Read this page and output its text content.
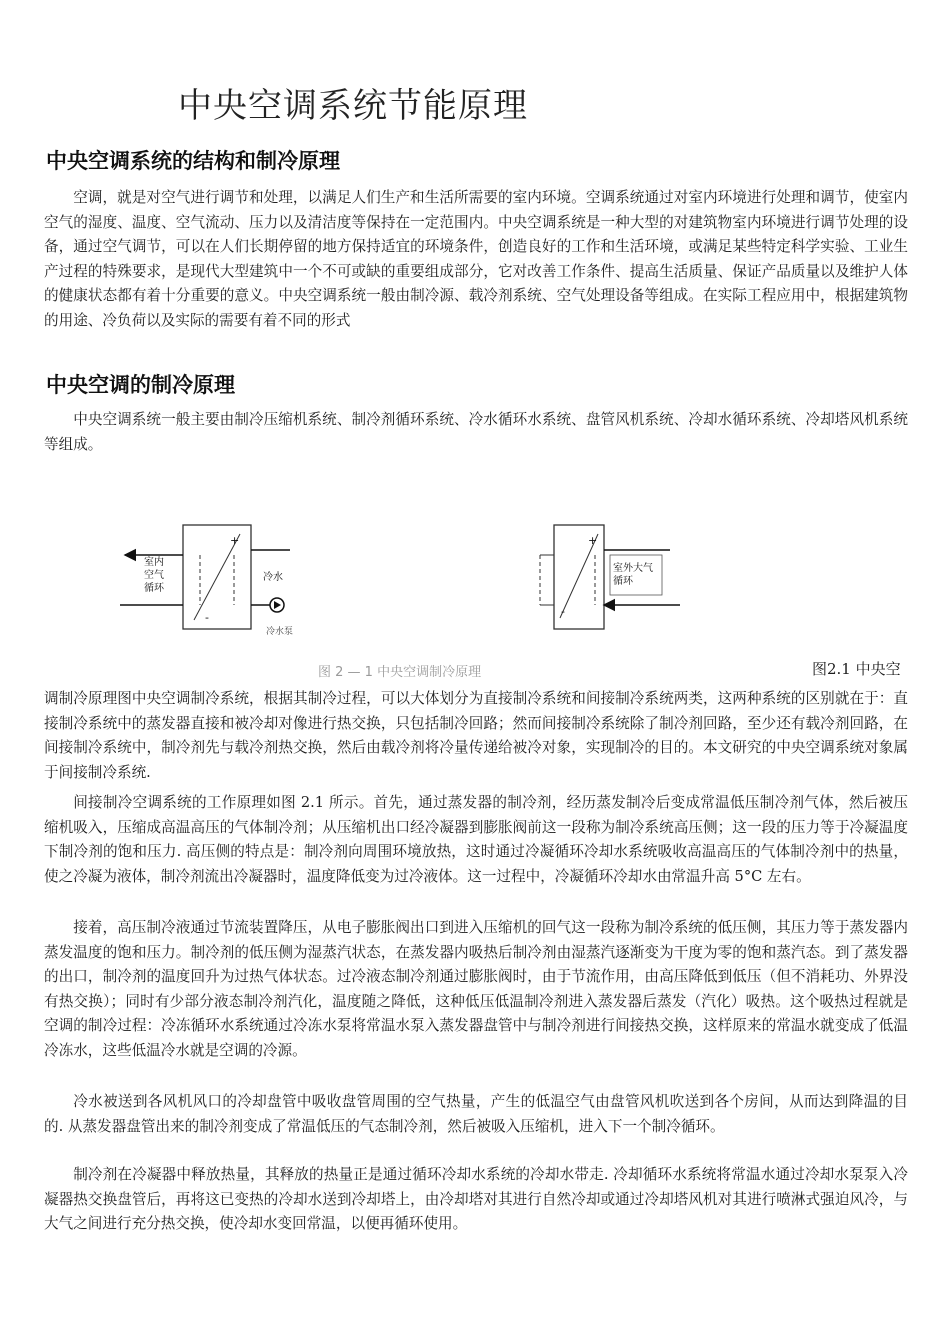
中央空调系统节能原理
中央空调系统的结构和制冷原理

空调，就是对空气进行调节和处理，以满足人们生产和生活所需要的室内环境。空调系统通过对室内环境进行处理和调节，使室内空气的湿度、温度、空气流动、压力以及清洁度等保持在一定范围内。中央空调系统是一种大型的对建筑物室内环境进行调节处理的设备，通过空气调节，可以在人们长期停留的地方保持适宜的环境条件，创造良好的工作和生活环境，或满足某些特定科学实验、工业生产过程的特殊要求，是现代大型建筑中一个不可或缺的重要组成部分，它对改善工作条件、提高生活质量、保证产品质量以及维护人体的健康状态都有着十分重要的意义。中央空调系统一般由制冷源、载冷剂系统、空气处理设备等组成。在实际工程应用中，根据建筑物的用途、冷负荷以及实际的需要有着不同的形式

中央空调的制冷原理

中央空调系统一般主要由制冷压缩机系统、制冷剂循环系统、冷水循环水系统、盘管风机系统、冷却水循环系统、冷却塔风机系统等组成。

室内
空气
循环
冷水
冷水泵
室外大气
循环
+
-
+
-
图 2 — 1 中央空调制冷原理	图2.1 中央空

调制冷原理图中央空调制冷系统，根据其制冷过程，可以大体划分为直接制冷系统和间接制冷系统两类，这两种系统的区别就在于：直接制冷系统中的蒸发器直接和被冷却对像进行热交换，只包括制冷回路；然而间接制冷系统除了制冷剂回路，至少还有载冷剂回路，在间接制冷系统中，制冷剂先与载冷剂热交换，然后由载冷剂将冷量传递给被冷对象，实现制冷的目的。本文研究的中央空调系统对象属于间接制冷系统.

间接制冷空调系统的工作原理如图 2.1 所示。首先，通过蒸发器的制冷剂，经历蒸发制冷后变成常温低压制冷剂气体，然后被压缩机吸入，压缩成高温高压的气体制冷剂；从压缩机出口经冷凝器到膨胀阀前这一段称为制冷系统高压侧；这一段的压力等于冷凝温度下制冷剂的饱和压力. 高压侧的特点是：制冷剂向周围环境放热，这时通过冷凝循环冷却水系统吸收高温高压的气体制冷剂中的热量，使之冷凝为液体，制冷剂流出冷凝器时，温度降低变为过冷液体。这一过程中，冷凝循环冷却水由常温升高 5°C 左右。

接着，高压制冷液通过节流装置降压，从电子膨胀阀出口到进入压缩机的回气这一段称为制冷系统的低压侧，其压力等于蒸发器内蒸发温度的饱和压力。制冷剂的低压侧为湿蒸汽状态，在蒸发器内吸热后制冷剂由湿蒸汽逐渐变为干度为零的饱和蒸汽态。到了蒸发器的出口，制冷剂的温度回升为过热气体状态。过冷液态制冷剂通过膨胀阀时，由于节流作用，由高压降低到低压（但不消耗功、外界没有热交换）；同时有少部分液态制冷剂汽化，温度随之降低，这种低压低温制冷剂进入蒸发器后蒸发（汽化）吸热。这个吸热过程就是空调的制冷过程：冷冻循环水系统通过冷冻水泵将常温水泵入蒸发器盘管中与制冷剂进行间接热交换，这样原来的常温水就变成了低温冷冻水，这些低温冷水就是空调的冷源。

冷水被送到各风机风口的冷却盘管中吸收盘管周围的空气热量，产生的低温空气由盘管风机吹送到各个房间，从而达到降温的目的. 从蒸发器盘管出来的制冷剂变成了常温低压的气态制冷剂，然后被吸入压缩机，进入下一个制冷循环。

制冷剂在冷凝器中释放热量，其释放的热量正是通过循环冷却水系统的冷却水带走. 冷却循环水系统将常温水通过冷却水泵泵入冷凝器热交换盘管后，再将这已变热的冷却水送到冷却塔上，由冷却塔对其进行自然冷却或通过冷却塔风机对其进行喷淋式强迫风冷，与大气之间进行充分热交换，使冷却水变回常温，以便再循环使用。
